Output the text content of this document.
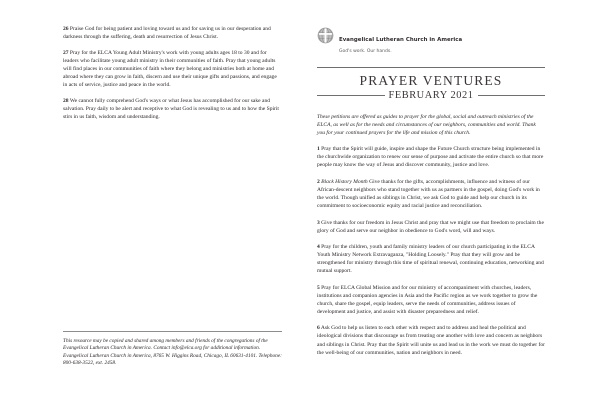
26 Praise God for being patient and loving toward us and for saving us in our desperation and darkness through the suffering, death and resurrection of Jesus Christ.

27 Pray for the ELCA Young Adult Ministry's work with young adults ages 18 to 30 and for leaders who facilitate young adult ministry in their communities of faith. Pray that young adults will find places in our communities of faith where they belong and ministries both at home and abroad where they can grow in faith, discern and use their unique gifts and passions, and engage in acts of service, justice and peace in the world.

28 We cannot fully comprehend God's ways or what Jesus has accomplished for our sake and salvation. Pray daily to be alert and receptive to what God is revealing to us and to how the Spirit stirs in us faith, wisdom and understanding.

This resource may be copied and shared among members and friends of the congregations of the Evangelical Lutheran Church in America. Contact info@elca.org for additional information. Evangelical Lutheran Church in America, 8765 W. Higgins Road, Chicago, IL 60631-4101. Telephone: 800-638-3522, ext. 2458.

Evangelical Lutheran Church in America
God's work. Our hands.
PRAYER VENTURES
FEBRUARY 2021

These petitions are offered as guides to prayer for the global, social and outreach ministries of the ELCA, as well as for the needs and circumstances of our neighbors, communities and world. Thank you for your continued prayers for the life and mission of this church.

1 Pray that the Spirit will guide, inspire and shape the Future Church structure being implemented in the churchwide organization to renew our sense of purpose and activate the entire church so that more people may know the way of Jesus and discover community, justice and love.

2 Black History Month Give thanks for the gifts, accomplishments, influence and witness of our African-descent neighbors who stand together with us as partners in the gospel, doing God's work in the world. Though unified as siblings in Christ, we ask God to guide and help our church in its commitment to socioeconomic equity and racial justice and reconciliation.

3 Give thanks for our freedom in Jesus Christ and pray that we might use that freedom to proclaim the glory of God and serve our neighbor in obedience to God's word, will and ways.

4 Pray for the children, youth and family ministry leaders of our church participating in the ELCA Youth Ministry Network Extravaganza, "Holding Loosely." Pray that they will grow and be strengthened for ministry through this time of spiritual renewal, continuing education, networking and mutual support.

5 Pray for ELCA Global Mission and for our ministry of accompaniment with churches, leaders, institutions and companion agencies in Asia and the Pacific region as we work together to grow the church, share the gospel, equip leaders, serve the needs of communities, address issues of development and justice, and assist with disaster preparedness and relief.

6 Ask God to help us listen to each other with respect and to address and heal the political and ideological divisions that discourage us from treating one another with love and concern as neighbors and siblings in Christ. Pray that the Spirit will unite us and lead us in the work we must do together for the well-being of our communities, nation and neighbors in need.
